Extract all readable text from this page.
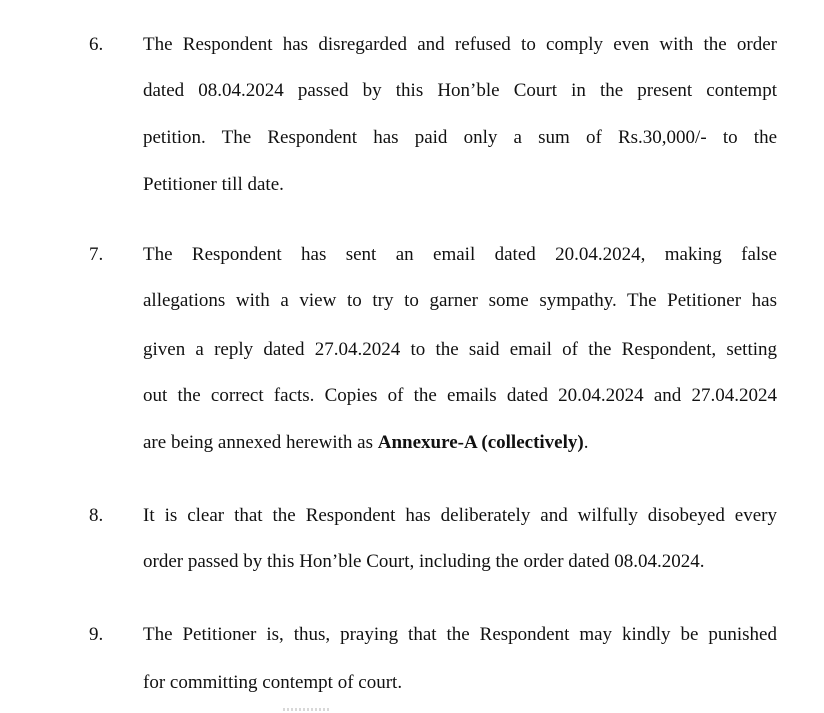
6. The Respondent has disregarded and refused to comply even with the order
dated 08.04.2024 passed by this Hon’ble Court in the present contempt
petition. The Respondent has paid only a sum of Rs.30,000/- to the
Petitioner till date.
7. The Respondent has sent an email dated 20.04.2024, making false
allegations with a view to try to garner some sympathy. The Petitioner has
given a reply dated 27.04.2024 to the said email of the Respondent, setting
out the correct facts. Copies of the emails dated 20.04.2024 and 27.04.2024
are being annexed herewith as Annexure-A (collectively).
8. It is clear that the Respondent has deliberately and wilfully disobeyed every
order passed by this Hon’ble Court, including the order dated 08.04.2024.
9. The Petitioner is, thus, praying that the Respondent may kindly be punished
for committing contempt of court.
